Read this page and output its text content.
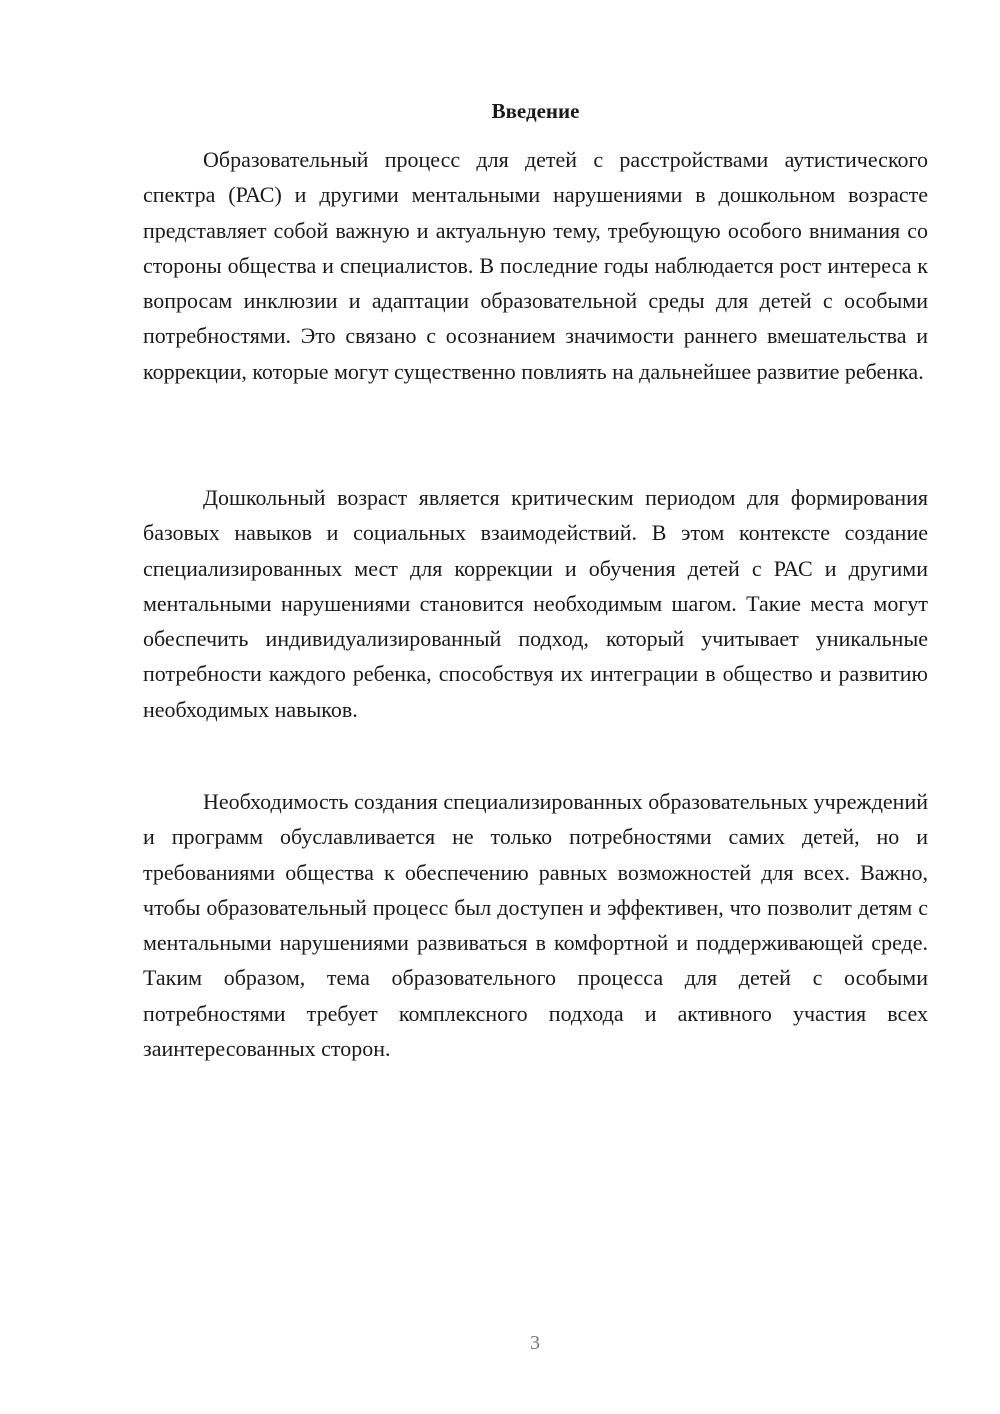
Введение

Образовательный процесс для детей с расстройствами аутистического спектра (РАС) и другими ментальными нарушениями в дошкольном возрасте представляет собой важную и актуальную тему, требующую особого внимания со стороны общества и специалистов. В последние годы наблюдается рост интереса к вопросам инклюзии и адаптации образовательной среды для детей с особыми потребностями. Это связано с осознанием значимости раннего вмешательства и коррекции, которые могут существенно повлиять на дальнейшее развитие ребенка.

Дошкольный возраст является критическим периодом для формирования базовых навыков и социальных взаимодействий. В этом контексте создание специализированных мест для коррекции и обучения детей с РАС и другими ментальными нарушениями становится необходимым шагом. Такие места могут обеспечить индивидуализированный подход, который учитывает уникальные потребности каждого ребенка, способствуя их интеграции в общество и развитию необходимых навыков.

Необходимость создания специализированных образовательных учреждений и программ обуславливается не только потребностями самих детей, но и требованиями общества к обеспечению равных возможностей для всех. Важно, чтобы образовательный процесс был доступен и эффективен, что позволит детям с ментальными нарушениями развиваться в комфортной и поддерживающей среде. Таким образом, тема образовательного процесса для детей с особыми потребностями требует комплексного подхода и активного участия всех заинтересованных сторон.

3
